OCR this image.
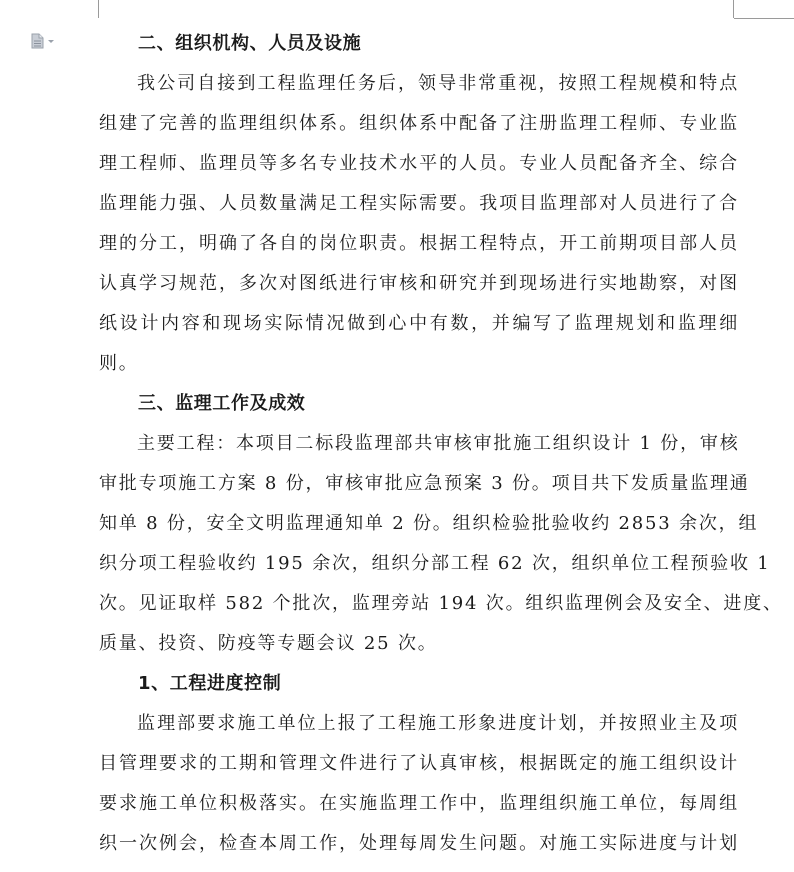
二、组织机构、人员及设施
我公司自接到工程监理任务后，领导非常重视，按照工程规模和特点
组建了完善的监理组织体系。组织体系中配备了注册监理工程师、专业监
理工程师、监理员等多名专业技术水平的人员。专业人员配备齐全、综合
监理能力强、人员数量满足工程实际需要。我项目监理部对人员进行了合
理的分工，明确了各自的岗位职责。根据工程特点，开工前期项目部人员
认真学习规范，多次对图纸进行审核和研究并到现场进行实地勘察，对图
纸设计内容和现场实际情况做到心中有数，并编写了监理规划和监理细
则。
三、监理工作及成效
主要工程：本项目二标段监理部共审核审批施工组织设计 1 份，审核
审批专项施工方案 8 份，审核审批应急预案 3 份。项目共下发质量监理通
知单 8 份，安全文明监理通知单 2 份。组织检验批验收约 2853 余次，组
织分项工程验收约 195 余次，组织分部工程 62 次，组织单位工程预验收 1
次。见证取样 582 个批次，监理旁站 194 次。组织监理例会及安全、进度、
质量、投资、防疫等专题会议 25 次。
1、工程进度控制
监理部要求施工单位上报了工程施工形象进度计划，并按照业主及项
目管理要求的工期和管理文件进行了认真审核，根据既定的施工组织设计
要求施工单位积极落实。在实施监理工作中，监理组织施工单位，每周组
织一次例会，检查本周工作，处理每周发生问题。对施工实际进度与计划
